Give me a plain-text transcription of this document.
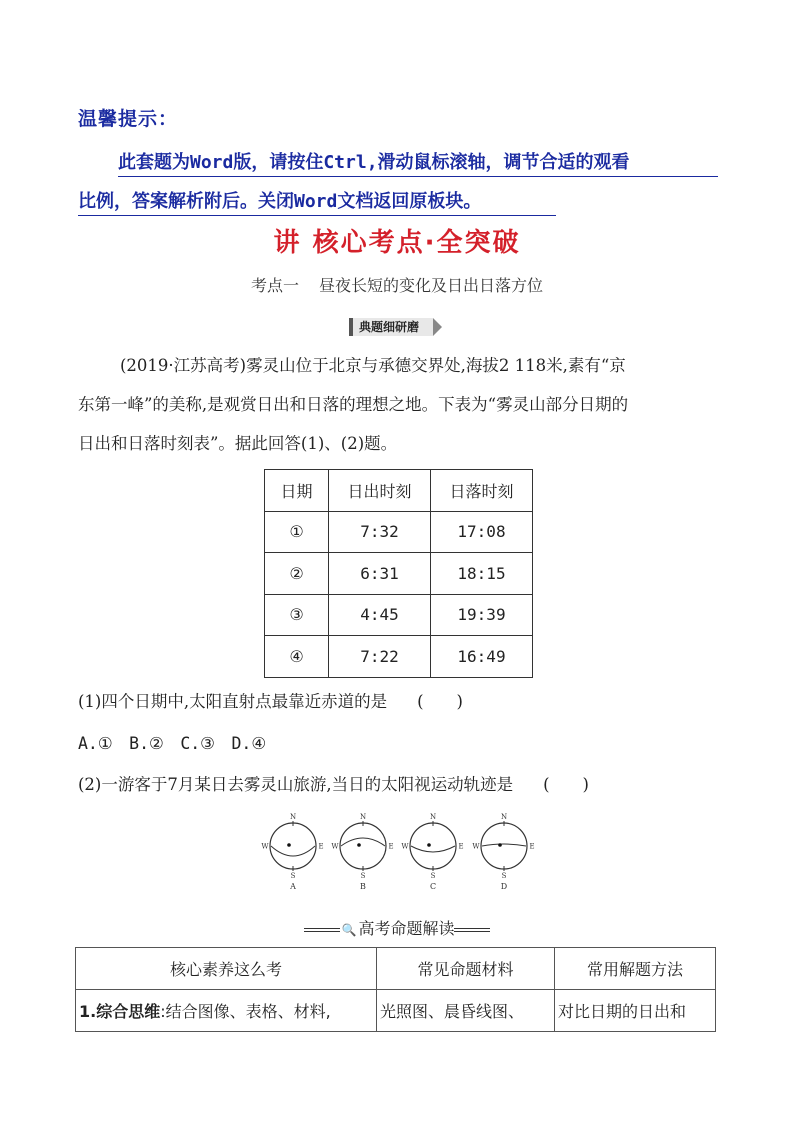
温馨提示：
此套题为Word版，请按住Ctrl,滑动鼠标滚轴，调节合适的观看
比例，答案解析附后。关闭Word文档返回原板块。
讲 核心考点·全突破
考点一 昼夜长短的变化及日出日落方位
典题细研磨

(2019·江苏高考)雾灵山位于北京与承德交界处,海拔2 118米,素有“京

东第一峰”的美称,是观赏日出和日落的理想之地。下表为“雾灵山部分日期的

日出和日落时刻表”。据此回答(1)、(2)题。

日期	日出时刻	日落时刻
①	7:32	17:08
②	6:31	18:15
③	4:45	19:39
④	7:22	16:49
(1)四个日期中,太阳直射点最靠近赤道的是 (　　)
A.①　B.②　C.③　D.④
(2)一游客于7月某日去雾灵山旅游,当日的太阳视运动轨迹是 (　　)
N
S
W	E
A
N
S
W	E
B
N
S
W	E
C
N
S
W	E
D
🔍 高考命题解读
核心素养这么考	常见命题材料	常用解题方法
1.综合思维:结合图像、表格、材料,	光照图、晨昏线图、	对比日期的日出和
